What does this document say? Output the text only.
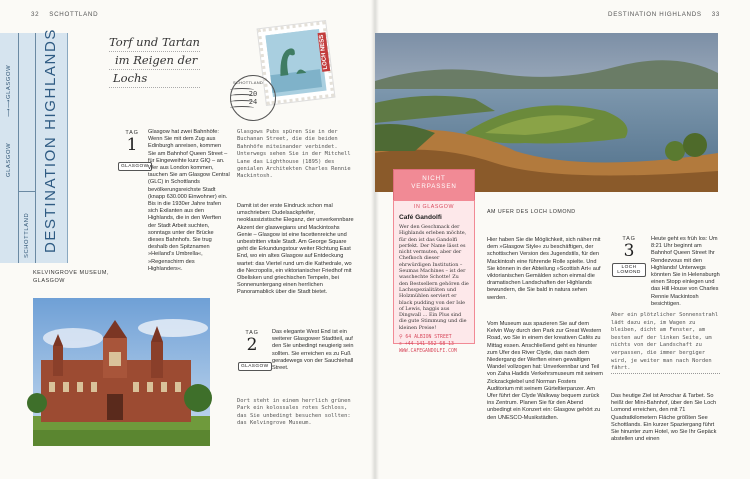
32 SCHOTTLAND	DESTINATION HIGHLANDS 33
GLASGOW
⟶⟶
GLASGOW
SCHOTTLAND DESTINATION HIGHLANDS
KELVINGROVE MUSEUM, GLASGOW
Torf und Tartan
im Reigen der
Lochs
LOCH NESS
SCHOTTLAND
20
24
TAG
1
GLASGOW
Glasgow hat zwei Bahnhöfe: Wenn Sie mit dem Zug aus Edinburgh anreisen, kommen Sie am Bahnhof Queen Street – für Eingeweihte kurz GIQ – an. Wer aus London kommen, tauchen Sie am Glasgow Central (GLC) in Schottlands bevölkerungsreichste Stadt (knapp 630.000 Einwohner) ein. Bis in die 1930er Jahre trafen sich Exilanten aus den Highlands, die in den Werften der Stadt Arbeit suchten, sonntags unter der Brücke dieses Bahnhofs. Sie trug deshalb den Spitznamen »Heiland‘s Umbrella«, »Regenschirm des Highlanders«.
Glasgows Pubs spüren Sie in der Buchanan Street, die die beiden Bahnhöfe miteinander verbindet. Unterwegs sehen Sie in der Mitchell Lane das Lighthouse (1895) des genialen Architekten Charles Rennie Mackintosh.
Damit ist der erste Eindruck schon mal umschrieben: Dudelsackpfeifer, neoklassizistische Eleganz, der unverkennbare Akzent der glaswegians und Mackintoshs Genie – Glasgow ist eine facettenreiche und unbestritten vitale Stadt. Am George Square geht die Erkundungstour weiter Richtung East End, wo ein altes Glasgow auf Entdeckung wartet: das Viertel rund um die Kathedrale, wo die Necropolis, ein viktorianischer Friedhof mit Obelisken und griechischen Tempeln, bei Sonnenuntergang einen herrlichen Panoramablick über die Stadt bietet.
TAG
2
GLASGOW
Das elegante West End ist ein weiterer Glasgower Stadtteil, auf den Sie unbedingt neugierig sein sollten. Sie erreichen es zu Fuß geradewegs von der Sauchiehall Street.
Dort steht in einem herrlich grünen Park ein kolossales rotes Schloss, das Sie unbedingt besuchen sollten: das Kelvingrove Museum.
NICHT
VERPASSEN
IN GLASGOW
Café Gandolfi
Wer den Geschmack der Highlands erleben möchte, für den ist das Gandolfi perfekt. Der Name lässt es nicht vermuten, aber der Chefkoch dieser ehrwürdigen Institution – Seumas Machines – ist der waschechte Schotte! Zu den Bestsellern gehören die Lachsspezialitäten und Holzmühlen serviert er black pudding von der Isle of Lewis, haggis aus Dingwall … Ein Plus sind die gute Stimmung und die kleinen Preise!
⚲ 64 ALBION STREET
✆ +44 141 552 68 13
WWW.CAFEGANDOLFI.COM
AM UFER DES LOCH LOMOND
Hier haben Sie die Möglichkeit, sich näher mit dem »Glasgow Style« zu beschäftigen, der schottischen Version des Jugendstils, für den Mackintosh eine führende Rolle spielte. Und Sie können in der Abteilung »Scottish Art« auf viktorianischen Gemälden schon einmal die dramatischen Landschaften der Highlands bewundern, die Sie bald in natura sehen werden.
Vom Museum aus spazieren Sie auf dem Kelvin Way durch den Park zur Great Western Road, wo Sie in einem der kreativen Cafés zu Mittag essen. Anschließend geht es hinunter zum Ufer des River Clyde, das nach dem Niedergang der Werften einen gewaltigen Wandel vollzogen hat: Unverkennbar und Teil von Zaha Hadids Verkehrsmuseum mit seinem Zickzackgiebel und Norman Fosters Auditorium mit seinem Gürteltierpanzer. Am Ufer führt der Clyde Walkway bequem zurück ins Zentrum. Planen Sie für den Abend unbedingt ein Konzert ein: Glasgow gehört zu den UNESCO-Musikstädten.
TAG
3
LOCH LOMOND
Heute geht es früh los: Um 8:21 Uhr beginnt am Bahnhof Queen Street Ihr Rendezvous mit den Highlands! Unterwegs könnten Sie in Helensburgh einen Stopp einlegen und das Hill House von Charles Rennie Mackintosh besichtigen.
Aber ein plötzlicher Sonnenstrahl lädt dazu ein, im Wagen zu bleiben, dicht am Fenster, am besten auf der linken Seite, um nichts von der Landschaft zu verpassen, die immer bergiger wird, je weiter man nach Norden fährt.
Das heutige Ziel ist Arrochar & Tarbet. So heißt der Mini-Bahnhof, über den Sie Loch Lomond erreichen, den mit 71 Quadratkilometern Fläche größten See Schottlands. Ein kurzer Spaziergang führt Sie hinunter zum Hotel, wo Sie Ihr Gepäck abstellen und einen
